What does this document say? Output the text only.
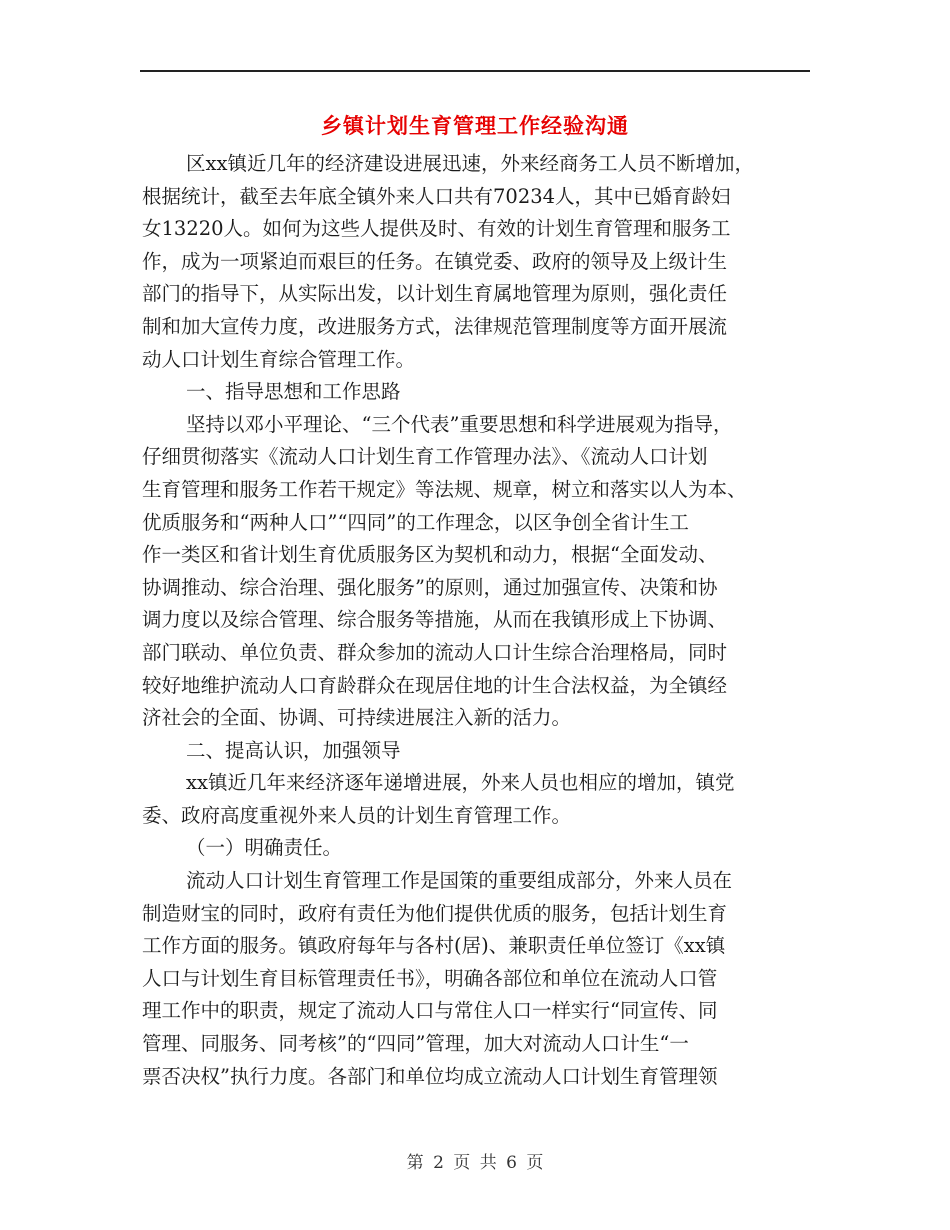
乡镇计划生育管理工作经验沟通
区xx镇近几年的经济建设进展迅速，外来经商务工人员不断增加，
根据统计，截至去年底全镇外来人口共有70234人，其中已婚育龄妇
女13220人。如何为这些人提供及时、有效的计划生育管理和服务工
作，成为一项紧迫而艰巨的任务。在镇党委、政府的领导及上级计生
部门的指导下，从实际出发，以计划生育属地管理为原则，强化责任
制和加大宣传力度，改进服务方式，法律规范管理制度等方面开展流
动人口计划生育综合管理工作。
一、指导思想和工作思路
坚持以邓小平理论、“三个代表”重要思想和科学进展观为指导，
仔细贯彻落实《流动人口计划生育工作管理办法》、《流动人口计划
生育管理和服务工作若干规定》等法规、规章，树立和落实以人为本、
优质服务和“两种人口”“四同”的工作理念，以区争创全省计生工
作一类区和省计划生育优质服务区为契机和动力，根据“全面发动、
协调推动、综合治理、强化服务”的原则，通过加强宣传、决策和协
调力度以及综合管理、综合服务等措施，从而在我镇形成上下协调、
部门联动、单位负责、群众参加的流动人口计生综合治理格局，同时
较好地维护流动人口育龄群众在现居住地的计生合法权益，为全镇经
济社会的全面、协调、可持续进展注入新的活力。
二、提高认识，加强领导
xx镇近几年来经济逐年递增进展，外来人员也相应的增加，镇党
委、政府高度重视外来人员的计划生育管理工作。
（一）明确责任。
流动人口计划生育管理工作是国策的重要组成部分，外来人员在
制造财宝的同时，政府有责任为他们提供优质的服务，包括计划生育
工作方面的服务。镇政府每年与各村(居)、兼职责任单位签订《xx镇
人口与计划生育目标管理责任书》，明确各部位和单位在流动人口管
理工作中的职责，规定了流动人口与常住人口一样实行“同宣传、同
管理、同服务、同考核”的“四同”管理，加大对流动人口计生“一
票否决权”执行力度。各部门和单位均成立流动人口计划生育管理领
第 2 页 共 6 页
